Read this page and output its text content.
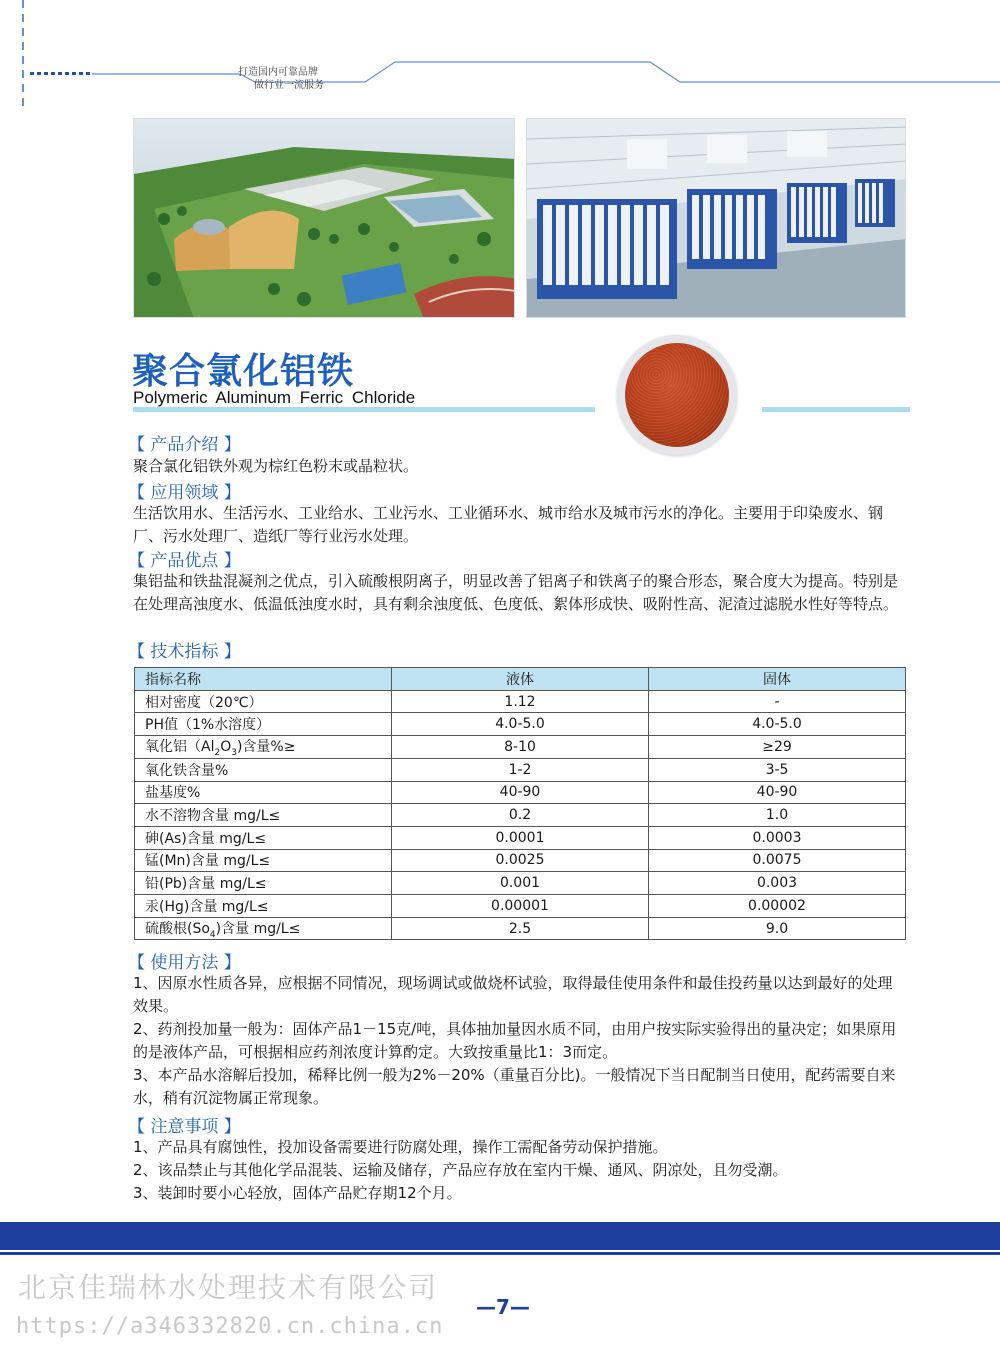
打造国内可靠品牌
做行业一流服务
聚合氯化铝铁
Polymeric Aluminum Ferric Chloride
【 产品介绍 】
聚合氯化铝铁外观为棕红色粉末或晶粒状。
【 应用领域 】
生活饮用水、生活污水、工业给水、工业污水、工业循环水、城市给水及城市污水的净化。主要用于印染废水、钢厂、污水处理厂、造纸厂等行业污水处理。
【 产品优点 】
集铝盐和铁盐混凝剂之优点，引入硫酸根阴离子，明显改善了铝离子和铁离子的聚合形态，聚合度大为提高。特别是在处理高浊度水、低温低浊度水时，具有剩余浊度低、色度低、絮体形成快、吸附性高、泥渣过滤脱水性好等特点。
【 技术指标 】
指标名称	液体	固体
相对密度（20℃）	1.12	-
PH值（1%水溶度）	4.0-5.0	4.0-5.0
氧化铝$(Al_2O_3)$含量%≥	8-10	≥29
氧化铁含量%	1-2	3-5
盐基度%	40-90	40-90
水不溶物含量 mg/L≤	0.2	1.0
砷(As)含量 mg/L≤	0.0001	0.0003
锰(Mn)含量 mg/L≤	0.0025	0.0075
铅(Pb)含量 mg/L≤	0.001	0.003
汞(Hg)含量 mg/L≤	0.00001	0.00002
硫酸根$(So_4)$含量 mg/L≤	2.5	9.0
【 使用方法 】
1、因原水性质各异，应根据不同情况，现场调试或做烧杯试验，取得最佳使用条件和最佳投药量以达到最好的处理效果。
2、药剂投加量一般为：固体产品1－15克/吨，具体抽加量因水质不同，由用户按实际实验得出的量决定；如果原用的是液体产品，可根据相应药剂浓度计算酌定。大致按重量比1：3而定。
3、本产品水溶解后投加，稀释比例一般为2%－20%（重量百分比)。一般情况下当日配制当日使用，配药需要自来水，稍有沉淀物属正常现象。
【 注意事项 】
1、产品具有腐蚀性，投加设备需要进行防腐处理，操作工需配备劳动保护措施。
2、该品禁止与其他化学品混装、运输及储存，产品应存放在室内干燥、通风、阴凉处，且勿受潮。
3、装卸时要小心轻放，固体产品贮存期12个月。
北京佳瑞林水处理技术有限公司
—7—
https://a346332820.cn.china.cn
